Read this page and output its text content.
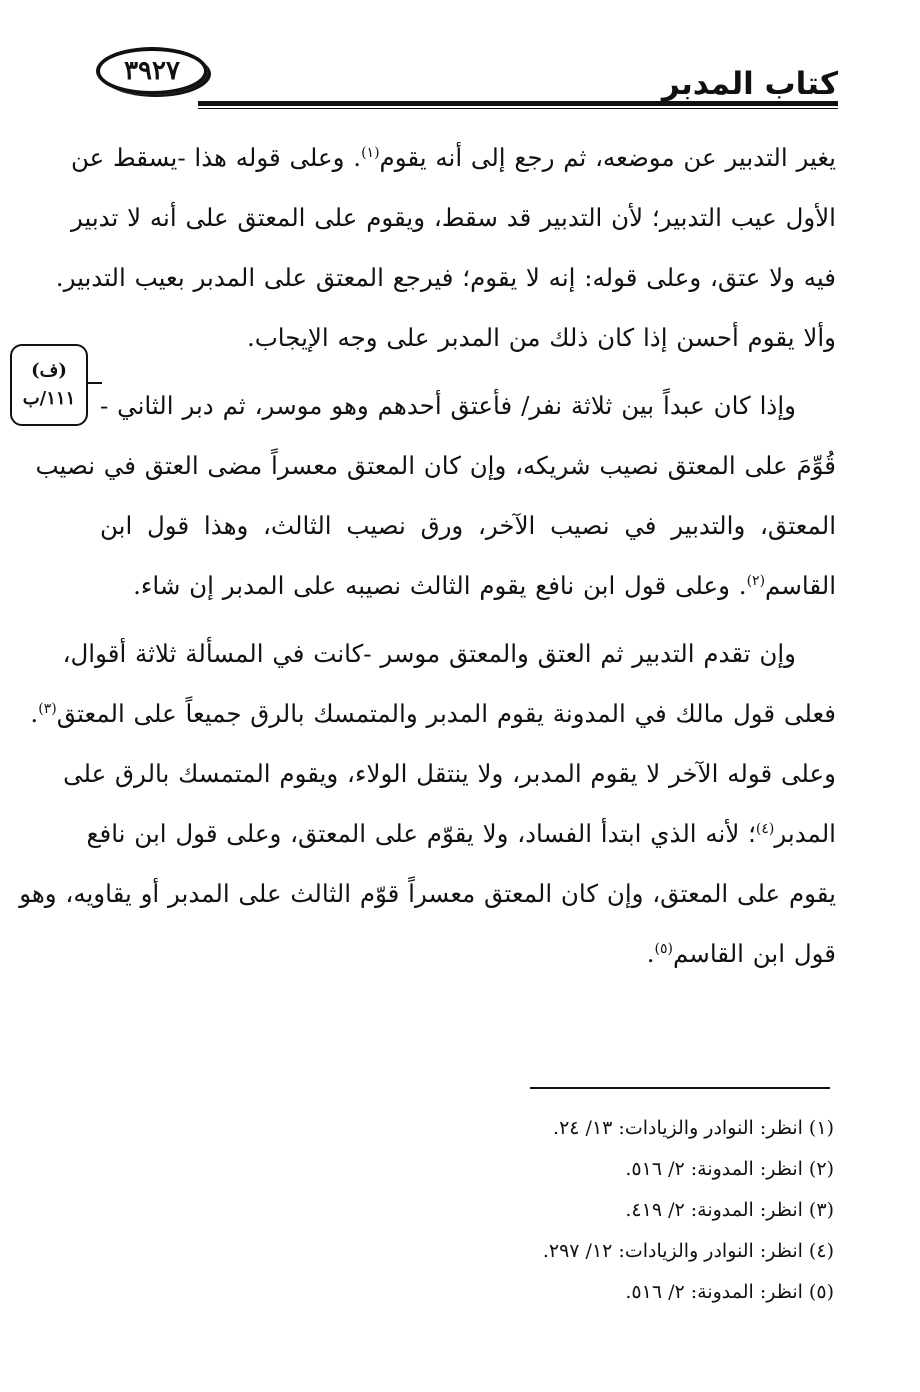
كتاب المدبر
٣٩٢٧
(ف)
١١١/ب
يغير التدبير عن موضعه، ثم رجع إلى أنه يقوم$^{(١)}$. وعلى قوله هذا -يسقط عن
الأول عيب التدبير؛ لأن التدبير قد سقط، ويقوم على المعتق على أنه لا تدبير
فيه ولا عتق، وعلى قوله: إنه لا يقوم؛ فيرجع المعتق على المدبر بعيب التدبير.
وألا يقوم أحسن إذا كان ذلك من المدبر على وجه الإيجاب.
وإذا كان عبداً بين ثلاثة نفر/ فأعتق أحدهم وهو موسر، ثم دبر الثاني -
قُوِّمَ على المعتق نصيب شريكه، وإن كان المعتق معسراً مضى العتق في نصيب
المعتق، والتدبير في نصيب الآخر، ورق نصيب الثالث، وهذا قول ابن
القاسم$^{(٢)}$. وعلى قول ابن نافع يقوم الثالث نصيبه على المدبر إن شاء.
وإن تقدم التدبير ثم العتق والمعتق موسر -كانت في المسألة ثلاثة أقوال،
فعلى قول مالك في المدونة يقوم المدبر والمتمسك بالرق جميعاً على المعتق$^{(٣)}$.
وعلى قوله الآخر لا يقوم المدبر، ولا ينتقل الولاء، ويقوم المتمسك بالرق على
المدبر$^{(٤)}$؛ لأنه الذي ابتدأ الفساد، ولا يقوّم على المعتق، وعلى قول ابن نافع
يقوم على المعتق، وإن كان المعتق معسراً قوّم الثالث على المدبر أو يقاويه، وهو
قول ابن القاسم$^{(٥)}$.
(١) انظر: النوادر والزيادات: ١٣/ ٢٤.
(٢) انظر: المدونة: ٢/ ٥١٦.
(٣) انظر: المدونة: ٢/ ٤١٩.
(٤) انظر: النوادر والزيادات: ١٢/ ٢٩٧.
(٥) انظر: المدونة: ٢/ ٥١٦.
